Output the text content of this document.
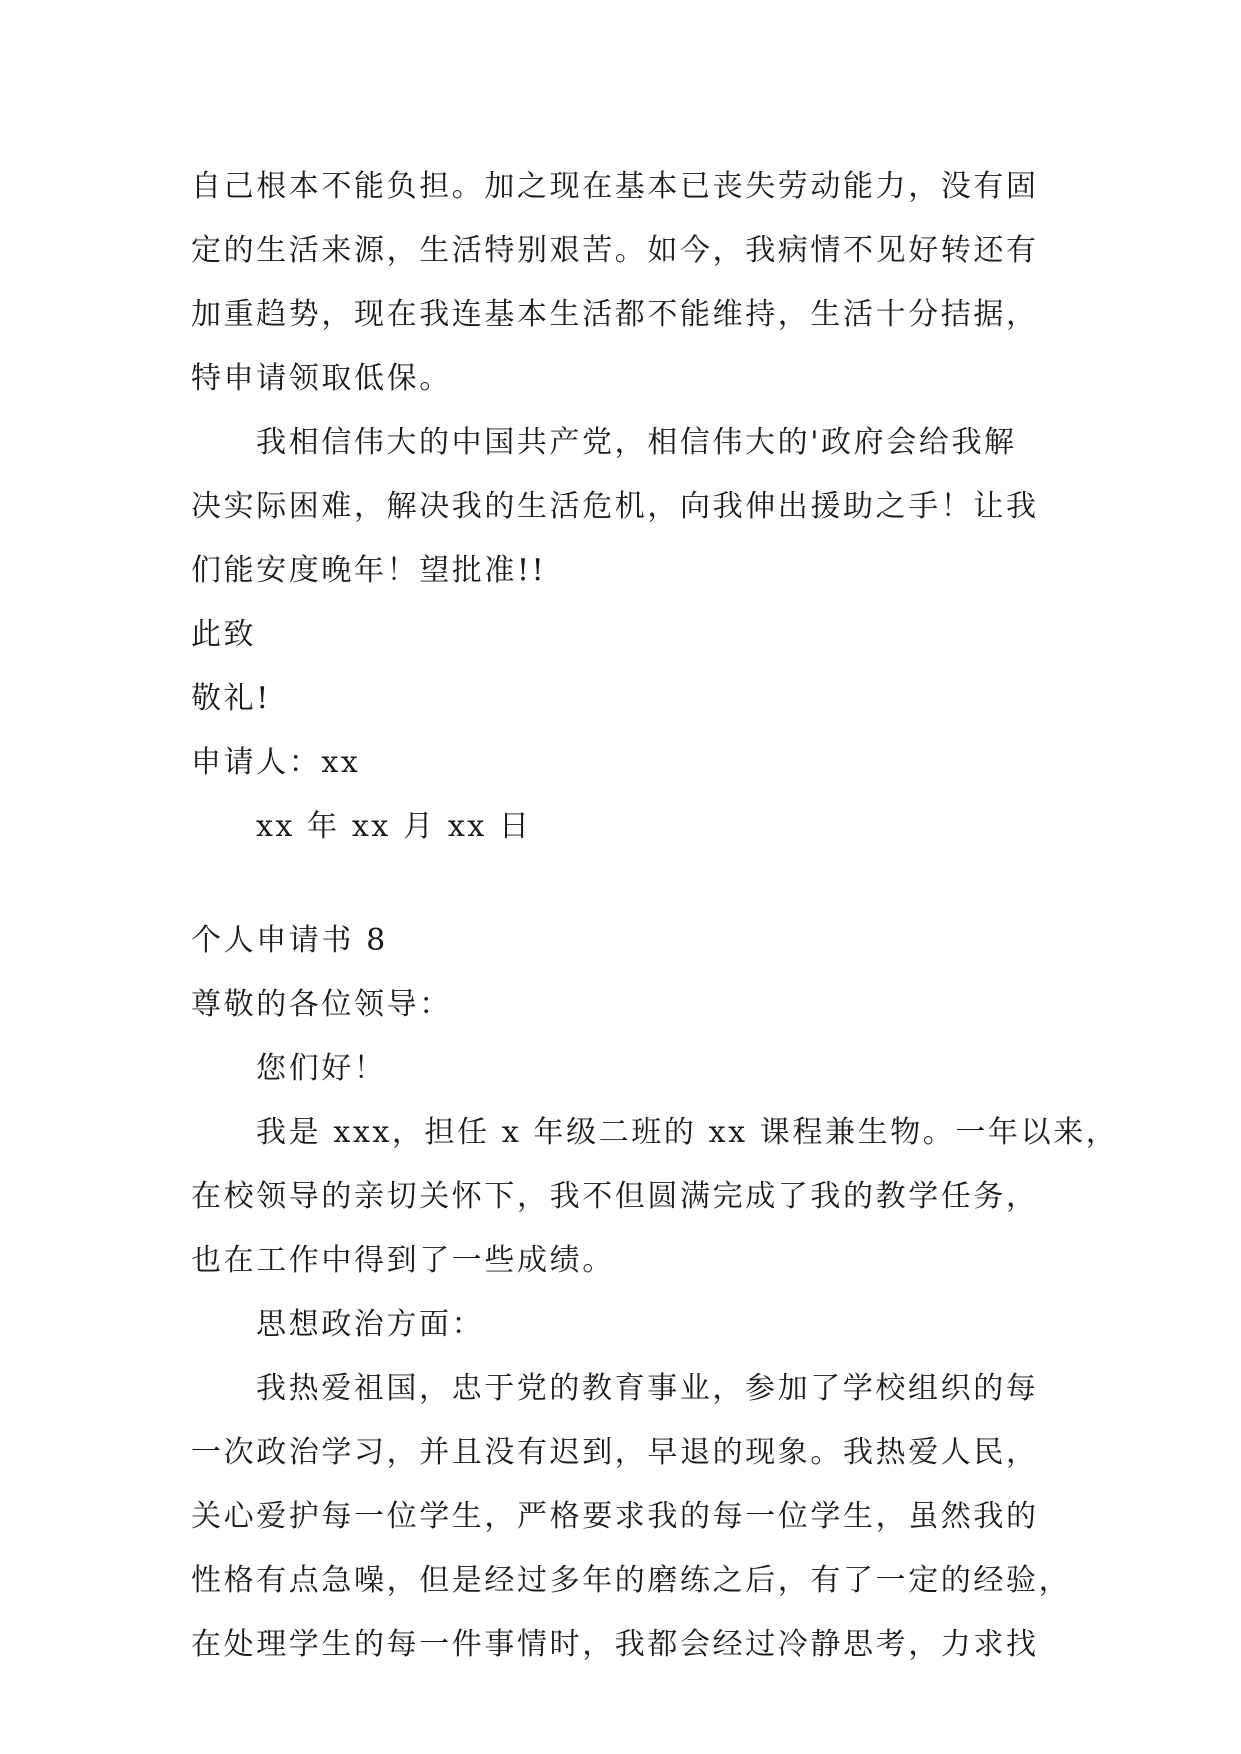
自己根本不能负担。加之现在基本已丧失劳动能力，没有固
定的生活来源，生活特别艰苦。如今，我病情不见好转还有
加重趋势，现在我连基本生活都不能维持，生活十分拮据，
特申请领取低保。
我相信伟大的中国共产党，相信伟大的'政府会给我解
决实际困难，解决我的生活危机，向我伸出援助之手！让我
们能安度晚年！望批准!!
此致
敬礼!
申请人：xx
xx 年 xx 月 xx 日
个人申请书 8
尊敬的各位领导：
您们好！
我是 xxx，担任 x 年级二班的 xx 课程兼生物。一年以来，
在校领导的亲切关怀下，我不但圆满完成了我的教学任务，
也在工作中得到了一些成绩。
思想政治方面：
我热爱祖国，忠于党的教育事业，参加了学校组织的每
一次政治学习，并且没有迟到，早退的现象。我热爱人民，
关心爱护每一位学生，严格要求我的每一位学生，虽然我的
性格有点急噪，但是经过多年的磨练之后，有了一定的经验，
在处理学生的每一件事情时，我都会经过冷静思考，力求找
